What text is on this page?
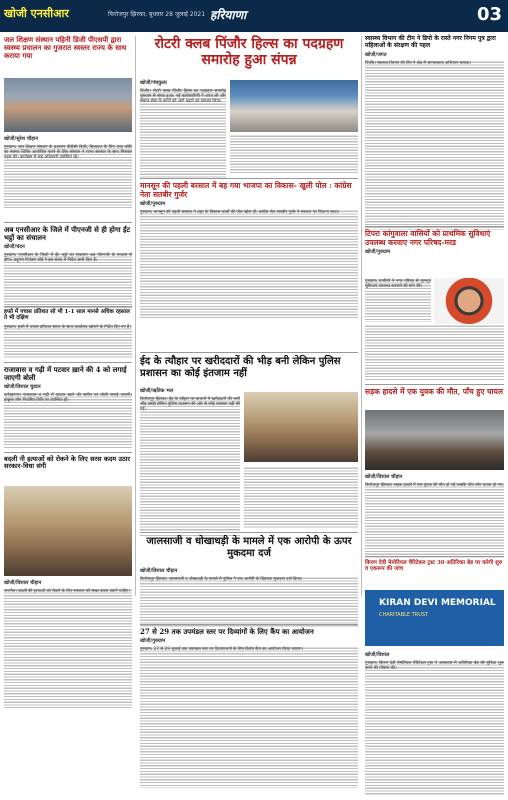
खोजी एनसीआर	फिरोजपुर झिरका, बुधवार 28 जुलाई 2021 हरियाणा	03
जल शिक्षण संस्थान पहिनी डिजी पीएसपी द्वारा स्वस्थ्य प्रचालन का गुजरात स्वस्तर राज्य के साथ कराया गया
खोजी/सुरेश चौहान
गुरुग्राम। जल शिक्षण संस्थान के प्रशासन पीडीसी डिजी, बिश्वदत्त के लिए उच्च कोटि का स्वस्थ्य शिविर आयोजित करने के लिए संस्थान ने राज्य सरकार के साथ मिलकर पहल की। कार्यक्रम में कई अधिकारी उपस्थित रहे।
अब एनसीआर के जिले में पीएनजी से ही होगा ईंट भट्ठों का संचालन
खोजी/चंदन
गुरुग्राम। एनसीआर के जिलों में ईंट भट्ठों का संचालन अब पीएनजी के माध्यम से होगा। प्रदूषण नियंत्रण बोर्ड ने इस संबंध में निर्देश जारी किए हैं।
हफ्ते में पचास प्रतिशत सो भी 1-1 साल मानसे अधिक रहस्तल ते भी दक्षिण
गुरुग्राम। हफ्ते में पचास प्रतिशत स्टाफ के साथ कार्यालय खोलने के निर्देश दिए गए हैं।
राजावास व गढ़ी में पटवार ख़ाने की 4 को लगाई जाएगी बोली
खोजी/विशाल चुडाल
फर्रुखनगर। राजावास व गढ़ी में पटवार खाने की जमीन पर बोली लगाई जाएगी। इच्छुक लोग निर्धारित तिथि पर उपस्थित हों।
बदली नी हत्याओं को रोकने के लिए सरस कदम उठार सरकार-विधा संगी
खोजी/विशाल चौहान
नारनौल। बदली की हत्याओं को रोकने के लिए सरकार को सख्त कदम उठाने चाहिए।
रोटरी क्लब पिंजौर हिल्स का पदग्रहण समारोह हुआ संपन्न
खोजी/पंचकुला
पिंजौर। रोटरी क्लब पिंजौर हिल्स का पदग्रहण समारोह धूमधाम से संपन्न हुआ। नई कार्यकारिणी ने शपथ ली और समाज सेवा के कार्यों को आगे बढ़ाने का संकल्प लिया।
स्वास्थ्य विभाग की टीम ने डिपो के रास्ते नगर निगम पुत्र द्वारा महिलाओं के संरक्षण की पहल
खोजी/जगत
पिंजौर। स्वास्थ्य विभाग की टीम ने क्षेत्र में जागरूकता अभियान चलाया।
मानसून की पहली बरसात में बह गया भाजपा का विकास- खुली पोल : कांग्रेस नेता सतबीर गुर्जर
खोजी/गुरुग्राम
गुरुग्राम। मानसून की पहली बरसात ने शहर के विकास कार्यों की पोल खोल दी। कांग्रेस नेता सतबीर गुर्जर ने सरकार पर निशाना साधा।
टिपरा कांगुवाला वासियों को प्राथमिक सुविधाएं उपलब्ध करवाए नगर परिषद-मरड
खोजी/गुरुग्राम
गुरुग्राम। ग्रामीणों ने नगर परिषद से मूलभूत सुविधाएं उपलब्ध करवाने की मांग की।
ईद के त्यौहार पर खरीददारों की भीड़ बनी लेकिन पुलिस प्रशासन का कोई इंतजाम नहीं
खोजी/ऋतिक भल
फिरोजपुर झिरका। ईद के त्यौहार पर बाजारों में खरीददारों की भारी भीड़ उमड़ी लेकिन पुलिस प्रशासन की ओर से कोई व्यवस्था नहीं की गई।
सड़क हादसे में एक युवक की मौत, पाँच हुए घायल
खोजी/विशाल चौहान
फिरोजपुर झिरका। सड़क हादसे में एक युवक की मौत हो गई जबकि पाँच लोग घायल हो गए।
जालसाजी व धोखाधड़ी के मामले में एक आरोपी के ऊपर मुकदमा दर्ज
खोजी/विशाल चौहान
फिरोजपुर झिरका। जालसाजी व धोखाधड़ी के मामले में पुलिस ने एक आरोपी के खिलाफ मुकदमा दर्ज किया।
किरण देवी मेमोरियल चैरिटेबल ट्रस्ट 30 अतिरिक्त बेड पर करेगी शुरु व एकरूप की जांच
KIRAN DEVI MEMORIAL
CHARITABLE TRUST
खोजी/विशाल
गुरुग्राम। किरण देवी मेमोरियल चैरिटेबल ट्रस्ट ने अस्पताल में अतिरिक्त बेड की सुविधा शुरू करने की घोषणा की।
27 से 29 तक उपमंडल स्तर पर दिव्यांगों के लिए कैंप का आयोजन
खोजी/गुरुग्राम
गुरुग्राम। 27 से 29 जुलाई तक उपमंडल स्तर पर दिव्यांगजनों के लिए विशेष कैंप का आयोजन किया जाएगा।
